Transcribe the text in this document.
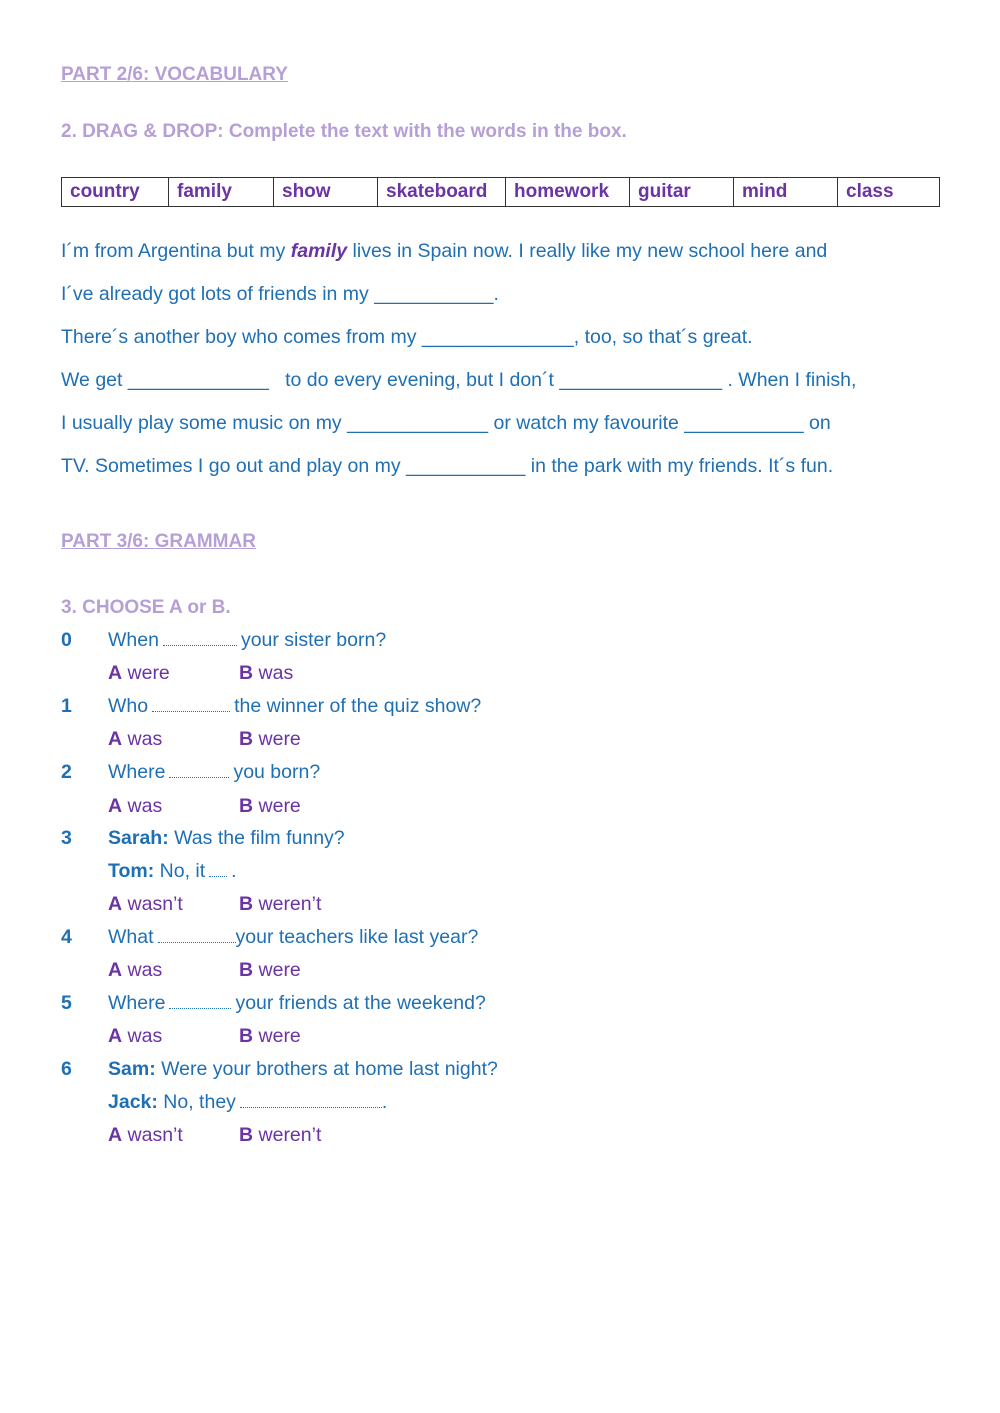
PART 2/6: VOCABULARY

2. DRAG & DROP: Complete the text with the words in the box.

country	family	show	skateboard	homework	guitar	mind	class

I´m from Argentina but my family lives in Spain now. I really like my new school here and

I´ve already got lots of friends in my ___________.

There´s another boy who comes from my ______________, too, so that´s great.

We get _____________   to do every evening, but I don´t _______________ . When I finish,

I usually play some music on my _____________ or watch my favourite ___________ on

TV. Sometimes I go out and play on my ___________ in the park with my friends. It´s fun.

PART 3/6: GRAMMAR

3. CHOOSE A or B.

0 When	your sister born?
A were	B was
1 Who	the winner of the quiz show?
A was	B were
2 Where	you born?
A was	B were
3 Sarah: Was the film funny?
Tom: No, it .
A wasn’t	B weren’t
4 What	your teachers like last year?
A was	B were
5 Where	your friends at the weekend?
A was	B were
6 Sam: Were your brothers at home last night?
Jack: No, they	.
A wasn’t	B weren’t
